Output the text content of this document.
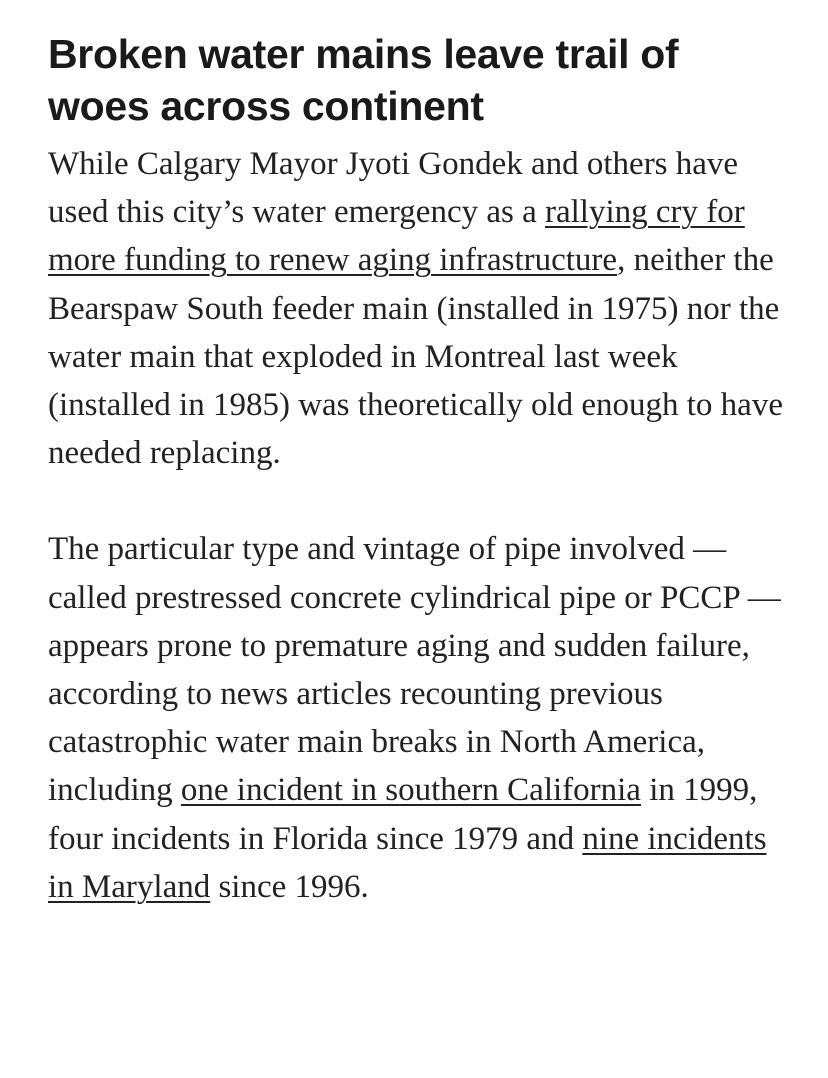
Broken water mains leave trail of woes across continent

While Calgary Mayor Jyoti Gondek and others have used this city’s water emergency as a rallying cry for more funding to renew aging infrastructure, neither the Bearspaw South feeder main (installed in 1975) nor the water main that exploded in Montreal last week (installed in 1985) was theoretically old enough to have needed replacing.

The particular type and vintage of pipe involved — called prestressed concrete cylindrical pipe or PCCP — appears prone to premature aging and sudden failure, according to news articles recounting previous catastrophic water main breaks in North America, including one incident in southern California in 1999, four incidents in Florida since 1979 and nine incidents in Maryland since 1996.
